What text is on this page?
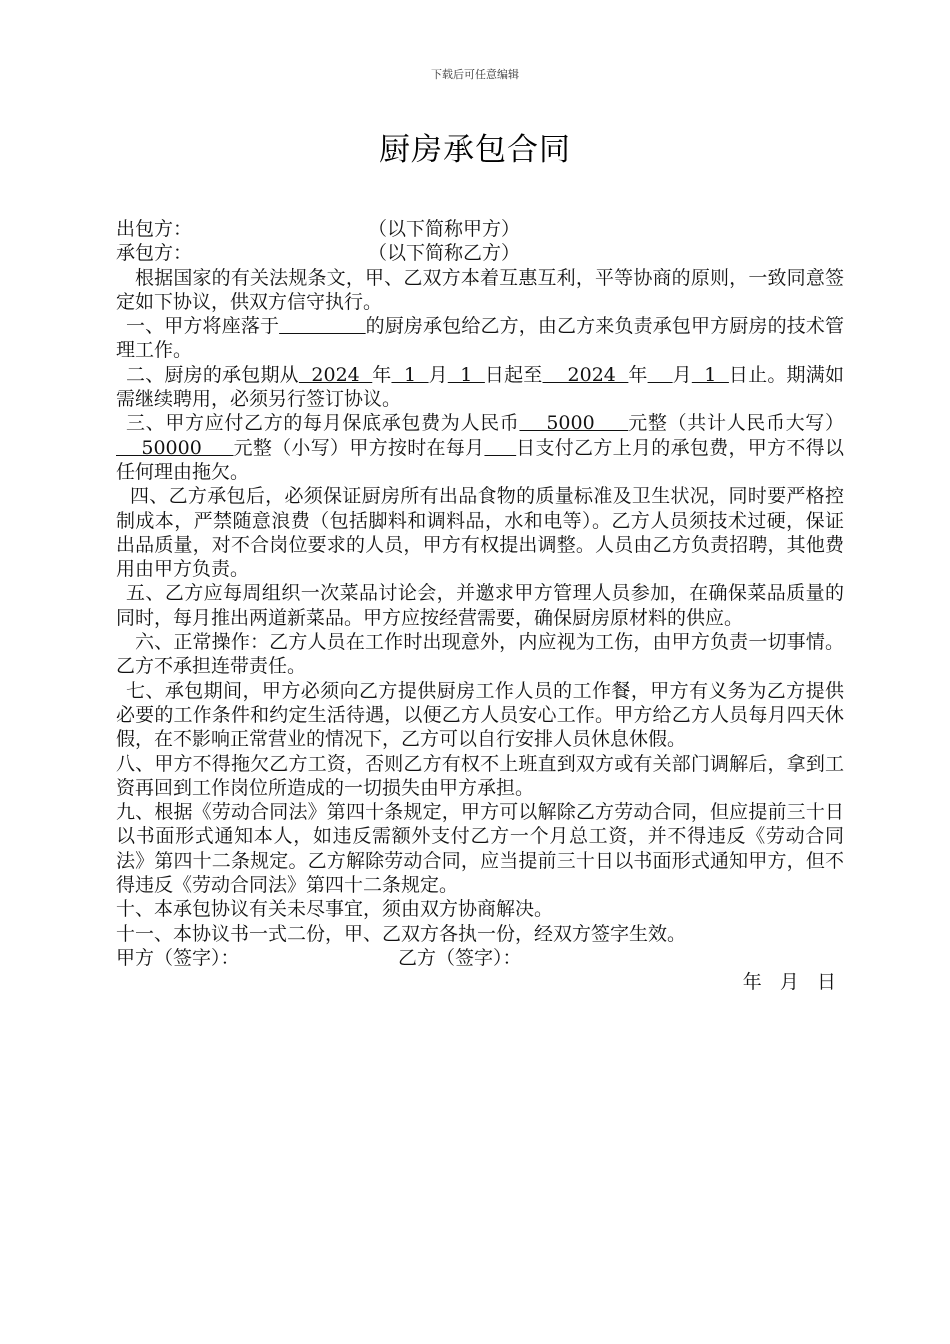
下载后可任意编辑
厨房承包合同
出包方：	（以下简称甲方）
承包方：	（以下简称乙方）

根据国家的有关法规条文，甲、乙双方本着互惠互利，平等协商的原则，一致同意签定如下协议，供双方信守执行。

一、甲方将座落于	的厨房承包给乙方，由乙方来负责承包甲方厨房的技术管理工作。

二、厨房的承包期从  2024  年  1  月  1  日起至    2024  年 月  1  日止。期满如需继续聘用，必须另行签订协议。

三、甲方应付乙方的每月保底承包费为人民币    5000     元整（共计人民币大写）    50000     元整（小写）甲方按时在每月 日支付乙方上月的承包费，甲方不得以任何理由拖欠。

四、乙方承包后，必须保证厨房所有出品食物的质量标准及卫生状况，同时要严格控制成本，严禁随意浪费（包括脚料和调料品，水和电等）。乙方人员须技术过硬，保证出品质量，对不合岗位要求的人员，甲方有权提出调整。人员由乙方负责招聘，其他费用由甲方负责。

五、乙方应每周组织一次菜品讨论会，并邀求甲方管理人员参加，在确保菜品质量的同时，每月推出两道新菜品。甲方应按经营需要，确保厨房原材料的供应。

六、正常操作：乙方人员在工作时出现意外，内应视为工伤，由甲方负责一切事情。乙方不承担连带责任。

七、承包期间，甲方必须向乙方提供厨房工作人员的工作餐，甲方有义务为乙方提供必要的工作条件和约定生活待遇，以便乙方人员安心工作。甲方给乙方人员每月四天休假，在不影响正常营业的情况下，乙方可以自行安排人员休息休假。

八、甲方不得拖欠乙方工资，否则乙方有权不上班直到双方或有关部门调解后，拿到工资再回到工作岗位所造成的一切损失由甲方承担。

九、根据《劳动合同法》第四十条规定，甲方可以解除乙方劳动合同，但应提前三十日以书面形式通知本人，如违反需额外支付乙方一个月总工资，并不得违反《劳动合同法》第四十二条规定。乙方解除劳动合同，应当提前三十日以书面形式通知甲方，但不得违反《劳动合同法》第四十二条规定。

十、本承包协议有关未尽事宜，须由双方协商解决。

十一、本协议书一式二份，甲、乙双方各执一份，经双方签字生效。

甲方（签字）：	乙方（签字）：
年   月   日
